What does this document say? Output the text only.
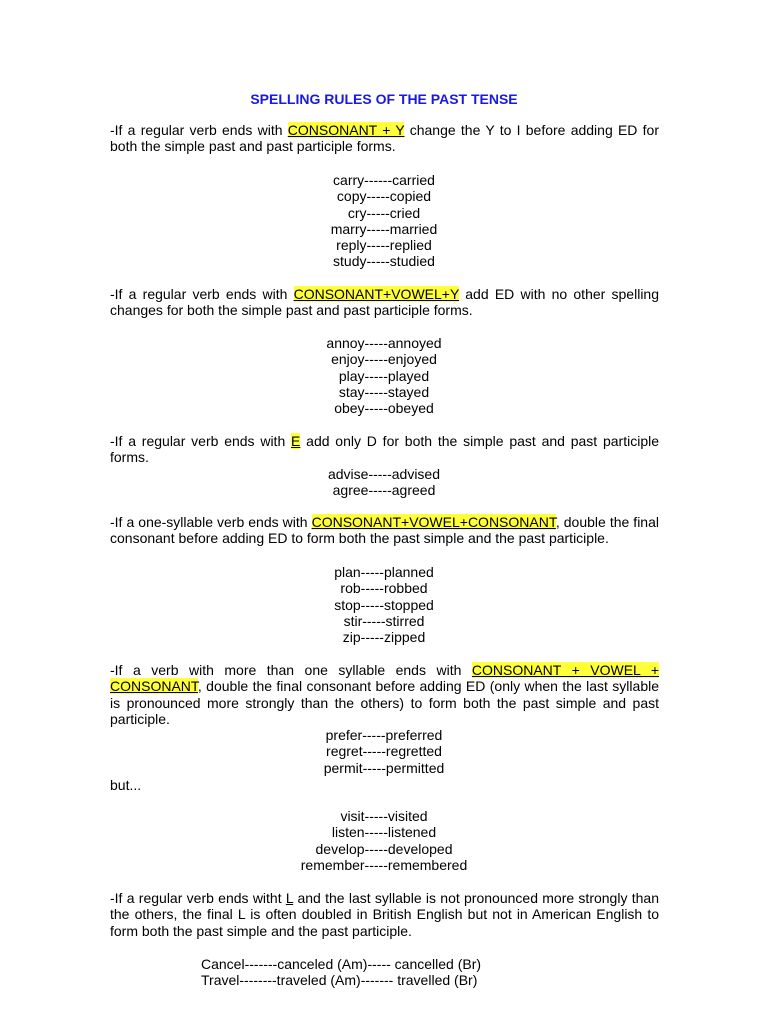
SPELLING RULES OF THE PAST TENSE
-If a regular verb ends with CONSONANT + Y change the Y to I before adding ED for both the simple past and past participle forms.
carry------carried
copy-----copied
cry-----cried
marry-----married
reply-----replied
study-----studied
-If a regular verb ends with CONSONANT+VOWEL+Y add ED with no other spelling changes for both the simple past and past participle forms.
annoy-----annoyed
enjoy-----enjoyed
play-----played
stay-----stayed
obey-----obeyed
-If a regular verb ends with E add only D for both the simple past and past participle forms.
advise-----advised
agree-----agreed
-If a one-syllable verb ends with CONSONANT+VOWEL+CONSONANT, double the final consonant before adding ED to form both the past simple and the past participle.
plan-----planned
rob-----robbed
stop-----stopped
stir-----stirred
zip-----zipped
-If a verb with more than one syllable ends with CONSONANT + VOWEL + CONSONANT, double the final consonant before adding ED (only when the last syllable is pronounced more strongly than the others) to form both the past simple and past participle.
prefer-----preferred
regret-----regretted
permit-----permitted
but...
visit-----visited
listen-----listened
develop-----developed
remember-----remembered
-If a regular verb ends witht L and the last syllable is not pronounced more strongly than the others, the final L is often doubled in British English but not in American English to form both the past simple and the past participle.
Cancel-------canceled (Am)----- cancelled (Br)
Travel--------traveled (Am)------- travelled (Br)
